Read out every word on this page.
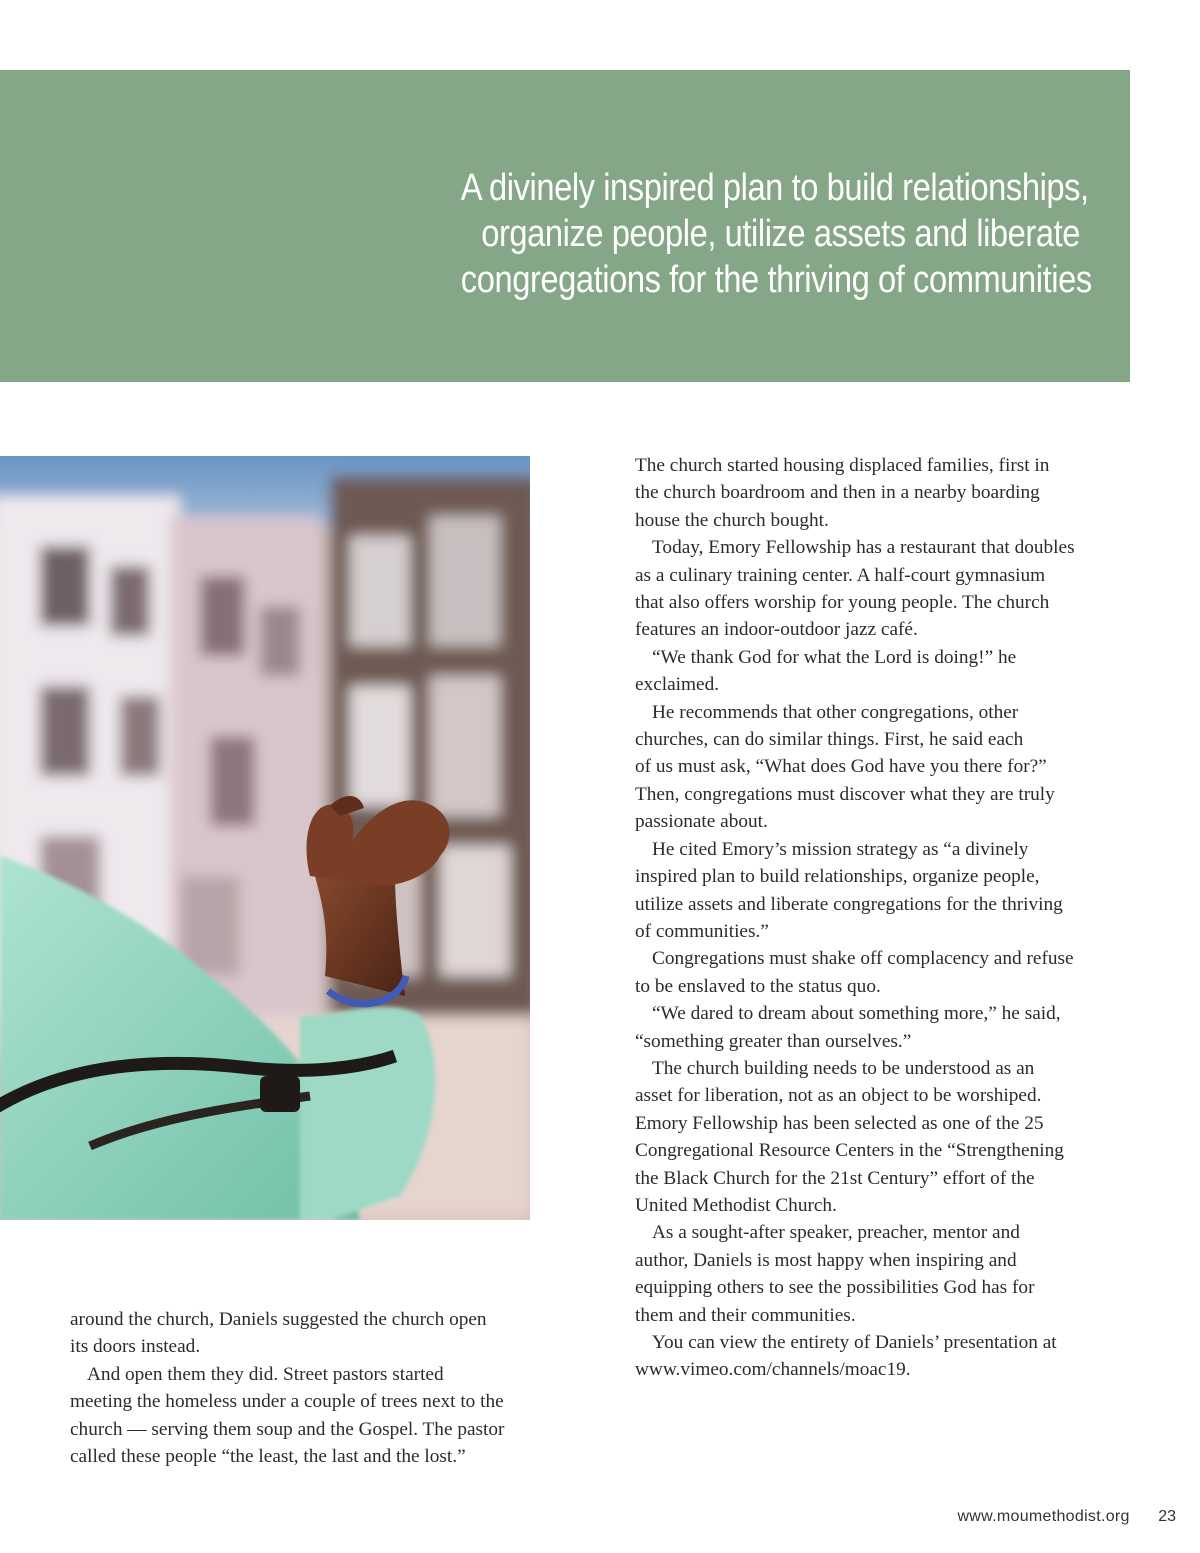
A divinely inspired plan to build relationships,
organize people, utilize assets and liberate
congregations for the thriving of communities

around the church, Daniels suggested the church open
its doors instead.

And open them they did. Street pastors started
meeting the homeless under a couple of trees next to the
church — serving them soup and the Gospel. The pastor
called these people “the least, the last and the lost.”

The church started housing displaced families, first in
the church boardroom and then in a nearby boarding
house the church bought.

Today, Emory Fellowship has a restaurant that doubles
as a culinary training center. A half-court gymnasium
that also offers worship for young people. The church
features an indoor-outdoor jazz café.

“We thank God for what the Lord is doing!” he
exclaimed.

He recommends that other congregations, other
churches, can do similar things. First, he said each
of us must ask, “What does God have you there for?”
Then, congregations must discover what they are truly
passionate about.

He cited Emory’s mission strategy as “a divinely
inspired plan to build relationships, organize people,
utilize assets and liberate congregations for the thriving
of communities.”

Congregations must shake off complacency and refuse
to be enslaved to the status quo.

“We dared to dream about something more,” he said,
“something greater than ourselves.”

The church building needs to be understood as an
asset for liberation, not as an object to be worshiped.
Emory Fellowship has been selected as one of the 25
Congregational Resource Centers in the “Strengthening
the Black Church for the 21st Century” effort of the
United Methodist Church.

As a sought-after speaker, preacher, mentor and
author, Daniels is most happy when inspiring and
equipping others to see the possibilities God has for
them and their communities.

You can view the entirety of Daniels’ presentation at
www.vimeo.com/channels/moac19.

www.moumethodist.org 23
